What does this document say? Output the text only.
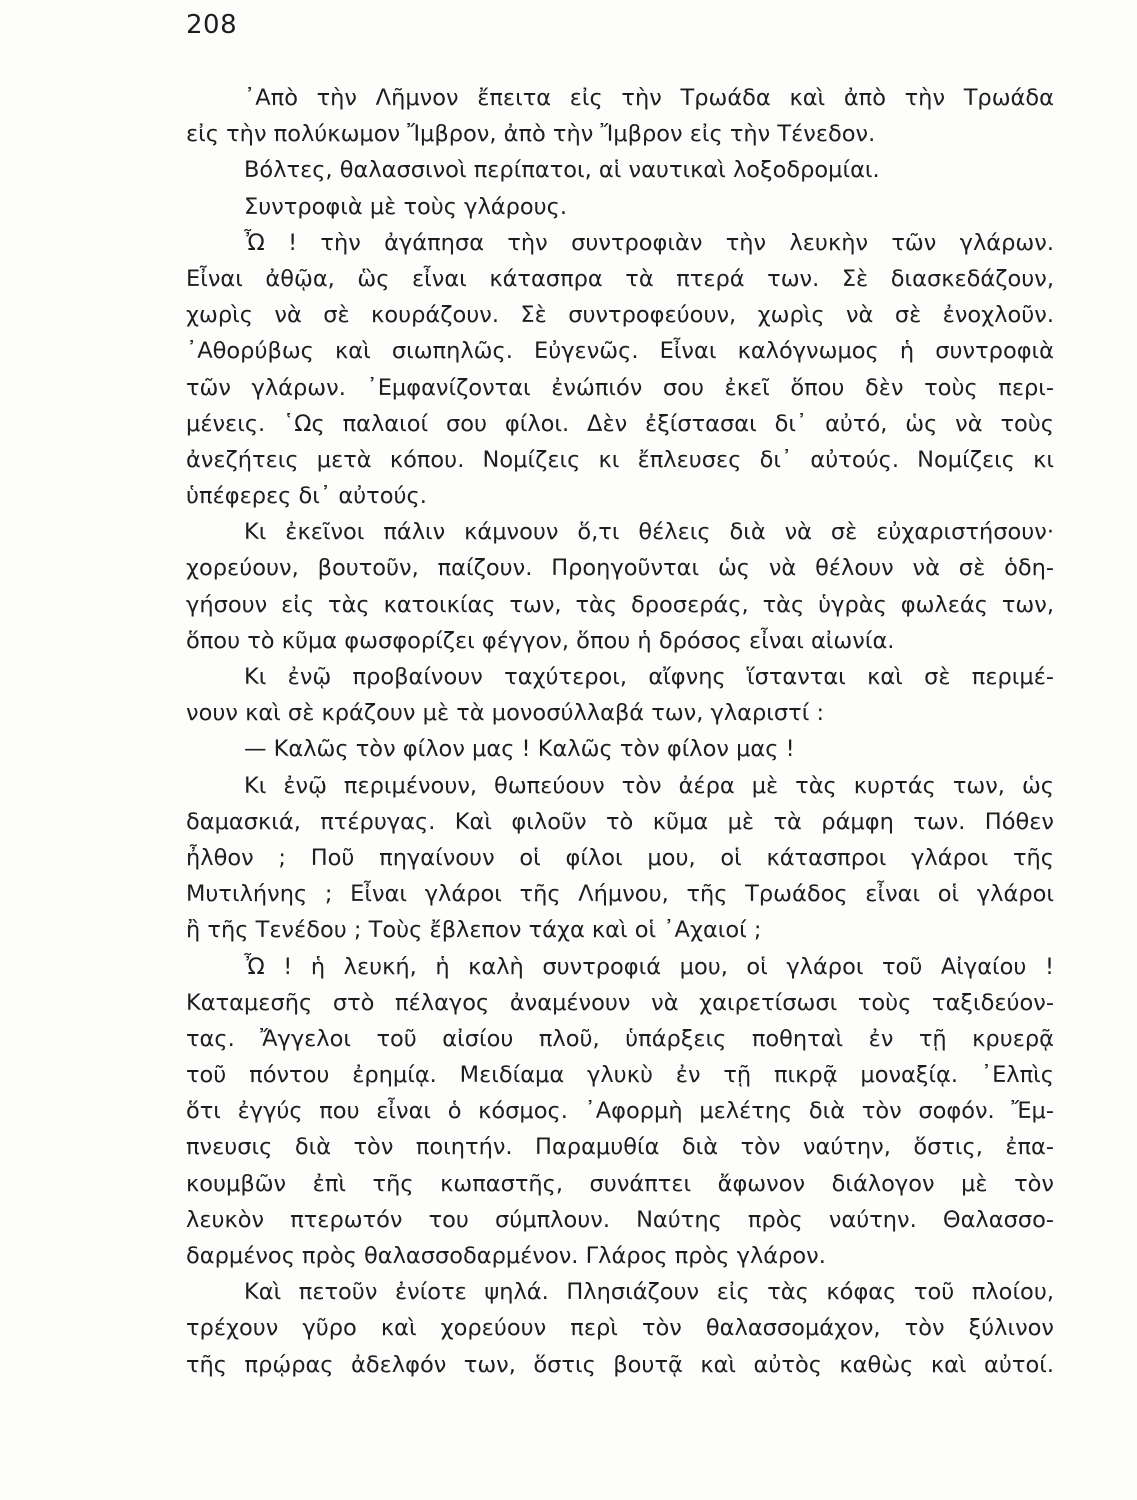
208
᾿Απὸ τὴν Λῆμνον ἔπειτα εἰς τὴν Τρωάδα καὶ ἀπὸ τὴν Τρωάδα
εἰς τὴν πολύκωμον Ἴμβρον, ἀπὸ τὴν Ἴμβρον εἰς τὴν Τένεδον.
Βόλτες, θαλασσινοὶ περίπατοι, αἱ ναυτικαὶ λοξοδρομίαι.
Συντροφιὰ μὲ τοὺς γλάρους.
Ὦ ! τὴν ἀγάπησα τὴν συντροφιὰν τὴν λευκὴν τῶν γλάρων.
Εἶναι ἀθῷα, ὣς εἶναι κάτασπρα τὰ πτερά των. Σὲ διασκεδάζουν,
χωρὶς νὰ σὲ κουράζουν. Σὲ συντροφεύουν, χωρὶς νὰ σὲ ἐνοχλοῦν.
᾿Αθορύβως καὶ σιωπηλῶς. Εὐγενῶς. Εἶναι καλόγνωμος ἡ συντροφιὰ
τῶν γλάρων. ᾿Εμφανίζονται ἐνώπιόν σου ἐκεῖ ὅπου δὲν τοὺς περι-
μένεις. ῾Ως παλαιοί σου φίλοι. Δὲν ἐξίστασαι δι᾿ αὐτό, ὡς νὰ τοὺς
ἀνεζήτεις μετὰ κόπου. Νομίζεις κι ἔπλευσες δι᾿ αὐτούς. Νομίζεις κι
ὑπέφερες δι᾿ αὐτούς.
Κι ἐκεῖνοι πάλιν κάμνουν ὅ,τι θέλεις διὰ νὰ σὲ εὐχαριστήσουν·
χορεύουν, βουτοῦν, παίζουν. Προηγοῦνται ὡς νὰ θέλουν νὰ σὲ ὁδη-
γήσουν εἰς τὰς κατοικίας των, τὰς δροσεράς, τὰς ὑγρὰς φωλεάς των,
ὅπου τὸ κῦμα φωσφορίζει φέγγον, ὅπου ἡ δρόσος εἶναι αἰωνία.
Κι ἐνῷ προβαίνουν ταχύτεροι, αἴφνης ἵστανται καὶ σὲ περιμέ-
νουν καὶ σὲ κράζουν μὲ τὰ μονοσύλλαβά των, γλαριστί :
— Καλῶς τὸν φίλον μας ! Καλῶς τὸν φίλον μας !
Κι ἐνῷ περιμένουν, θωπεύουν τὸν ἀέρα μὲ τὰς κυρτάς των, ὡς
δαμασκιά, πτέρυγας. Καὶ φιλοῦν τὸ κῦμα μὲ τὰ ράμφη των. Πόθεν
ἦλθον ; Ποῦ πηγαίνουν οἱ φίλοι μου, οἱ κάτασπροι γλάροι τῆς
Μυτιλήνης ; Εἶναι γλάροι τῆς Λήμνου, τῆς Τρωάδος εἶναι οἱ γλάροι
ἢ τῆς Τενέδου ; Τοὺς ἔβλεπον τάχα καὶ οἱ ᾿Αχαιοί ;
Ὦ ! ἡ λευκή, ἡ καλὴ συντροφιά μου, οἱ γλάροι τοῦ Αἰγαίου !
Καταμεσῆς στὸ πέλαγος ἀναμένουν νὰ χαιρετίσωσι τοὺς ταξιδεύον-
τας. Ἄγγελοι τοῦ αἰσίου πλοῦ, ὑπάρξεις ποθηταὶ ἐν τῇ κρυερᾷ
τοῦ πόντου ἐρημίᾳ. Μειδίαμα γλυκὺ ἐν τῇ πικρᾷ μοναξίᾳ. ᾿Ελπὶς
ὅτι ἐγγύς που εἶναι ὁ κόσμος. ᾿Αφορμὴ μελέτης διὰ τὸν σοφόν. Ἔμ-
πνευσις διὰ τὸν ποιητήν. Παραμυθία διὰ τὸν ναύτην, ὅστις, ἐπα-
κουμβῶν ἐπὶ τῆς κωπαστῆς, συνάπτει ἄφωνον διάλογον μὲ τὸν
λευκὸν πτερωτόν του σύμπλουν. Ναύτης πρὸς ναύτην. Θαλασσο-
δαρμένος πρὸς θαλασσοδαρμένον. Γλάρος πρὸς γλάρον.
Καὶ πετοῦν ἐνίοτε ψηλά. Πλησιάζουν εἰς τὰς κόφας τοῦ πλοίου,
τρέχουν γῦρο καὶ χορεύουν περὶ τὸν θαλασσομάχον, τὸν ξύλινον
τῆς πρῴρας ἀδελφόν των, ὅστις βουτᾷ καὶ αὐτὸς καθὼς καὶ αὐτοί.
